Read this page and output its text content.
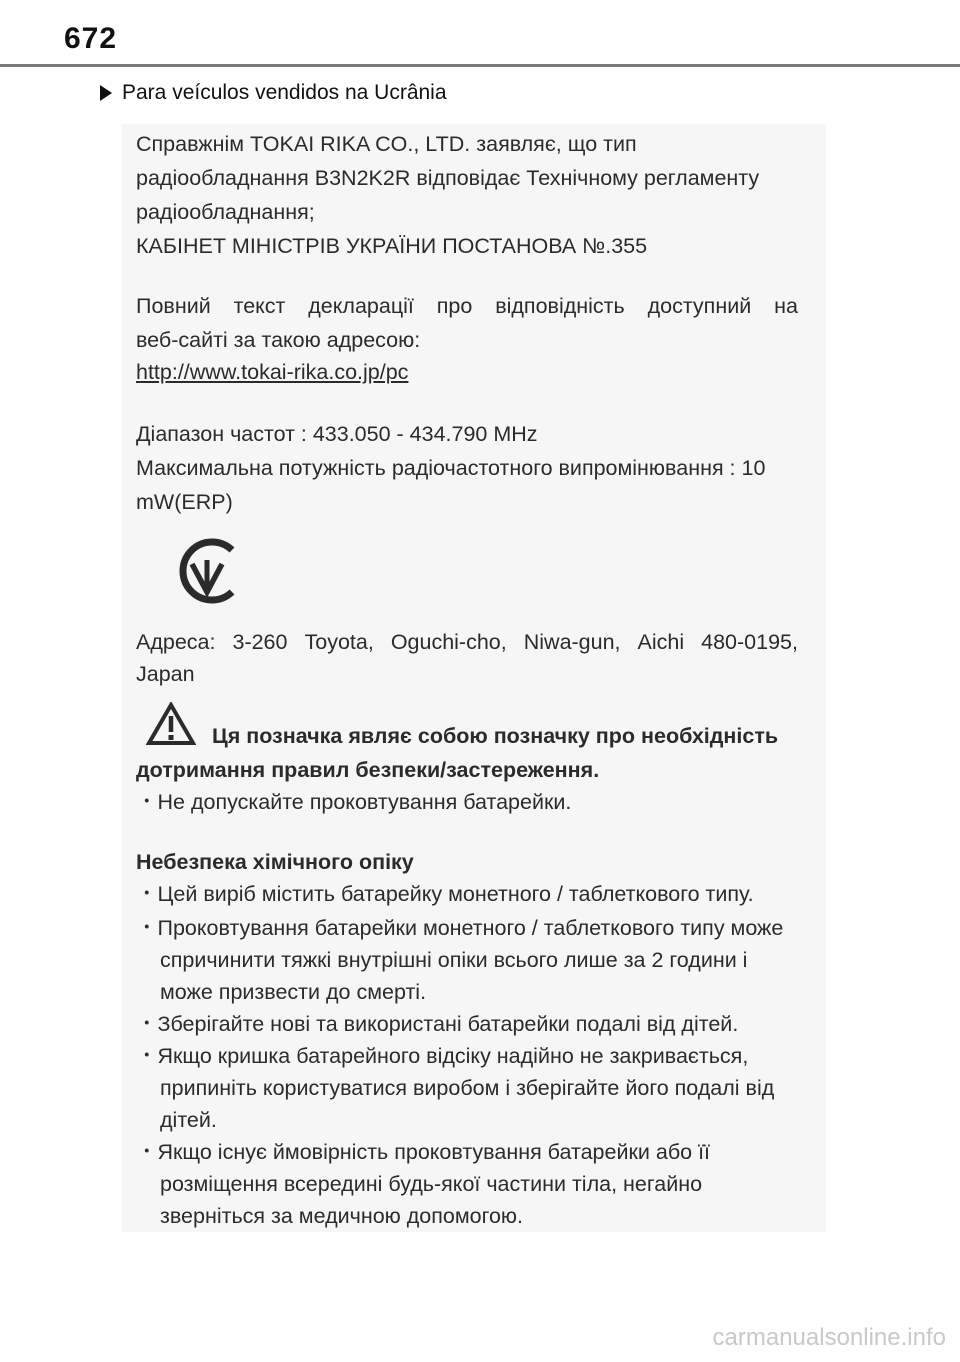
672
Para veículos vendidos na Ucrânia
Справжнім TOKAI RIKA CO., LTD. заявляє, що тип
радіообладнання B3N2K2R відповідає Технічному регламенту
радіообладнання;
КАБІНЕТ МІНІСТРІВ УКРАЇНИ ПОСТАНОВА №.355
Повний текст декларації про відповідність доступний на
веб-сайті за такою адресою:
http://www.tokai-rika.co.jp/pc
Діапазон частот : 433.050 - 434.790 MHz
Максимальна потужність радіочастотного випромінювання : 10
mW(ERP)
Адреса: 3-260 Toyota, Oguchi-cho, Niwa-gun, Aichi 480-0195,
Japan
Ця позначка являє собою позначку про необхідність
дотримання правил безпеки/застереження.
・Не допускайте проковтування батарейки.
Небезпека хімічного опіку
・Цей виріб містить батарейку монетного / таблеткового типу.
・Проковтування батарейки монетного / таблеткового типу може
спричинити тяжкі внутрішні опіки всього лише за 2 години і
може призвести до смерті.
・Зберігайте нові та використані батарейки подалі від дітей.
・Якщо кришка батарейного відсіку надійно не закривається,
припиніть користуватися виробом і зберігайте його подалі від
дітей.
・Якщо існує ймовірність проковтування батарейки або її
розміщення всередині будь-якої частини тіла, негайно
зверніться за медичною допомогою.
carmanualsonline.info
